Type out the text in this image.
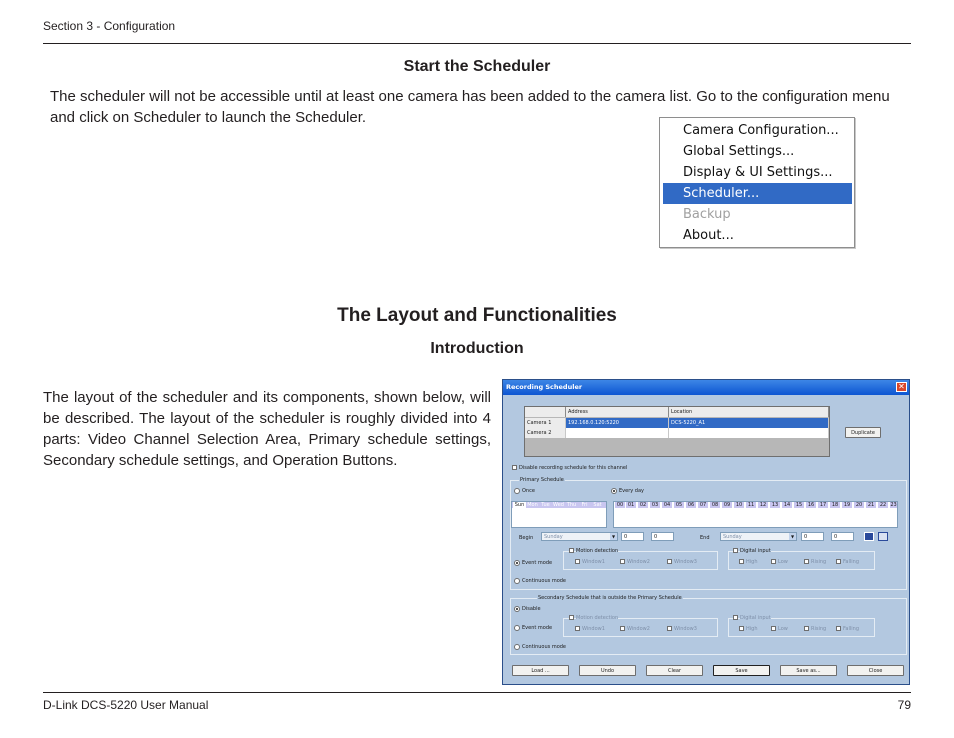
Section 3 - Configuration
Start the Scheduler

The scheduler will not be accessible until at least one camera has been added to the camera list. Go to the configuration menu and click on Scheduler to launch the Scheduler.

Camera Configuration...
Global Settings...
Display & UI Settings...
Scheduler...
Backup
About...
The Layout and Functionalities
Introduction

The layout of the scheduler and its components, shown below, will be described. The layout of the scheduler is roughly divided into 4 parts: Video Channel Selection Area, Primary schedule settings, Secondary schedule settings, and Operation Buttons.

Recording Scheduler	✕
Address	Location
Camera 1	192.168.0.120:5220	DCS-5220_A1
Camera 2	Duplicate
Disable recording schedule for this channel
Primary Schedule
Once	Every day
Sun Mon Tue Wed Thu	Fri	Sat	00 01	02	03	04	05	06	07	08	09	10	11	12	13	14	15	16	17	18	19	20	21	22 23
Begin Sunday	▼	0	0	End	Sunday	▼	0	0
Event mode
Motion detection
Window1	Window2	Window3
Digital input
High	Low	Rising	Falling
Continuous mode
Secondary Schedule that is outside the Primary Schedule
Disable
Event mode
Motion detection
Window1	Window2	Window3
Digital input
High	Low	Rising	Falling
Continuous mode
Load ...	Undo	Clear	Save	Save as...	Close
D-Link DCS-5220 User Manual	79
